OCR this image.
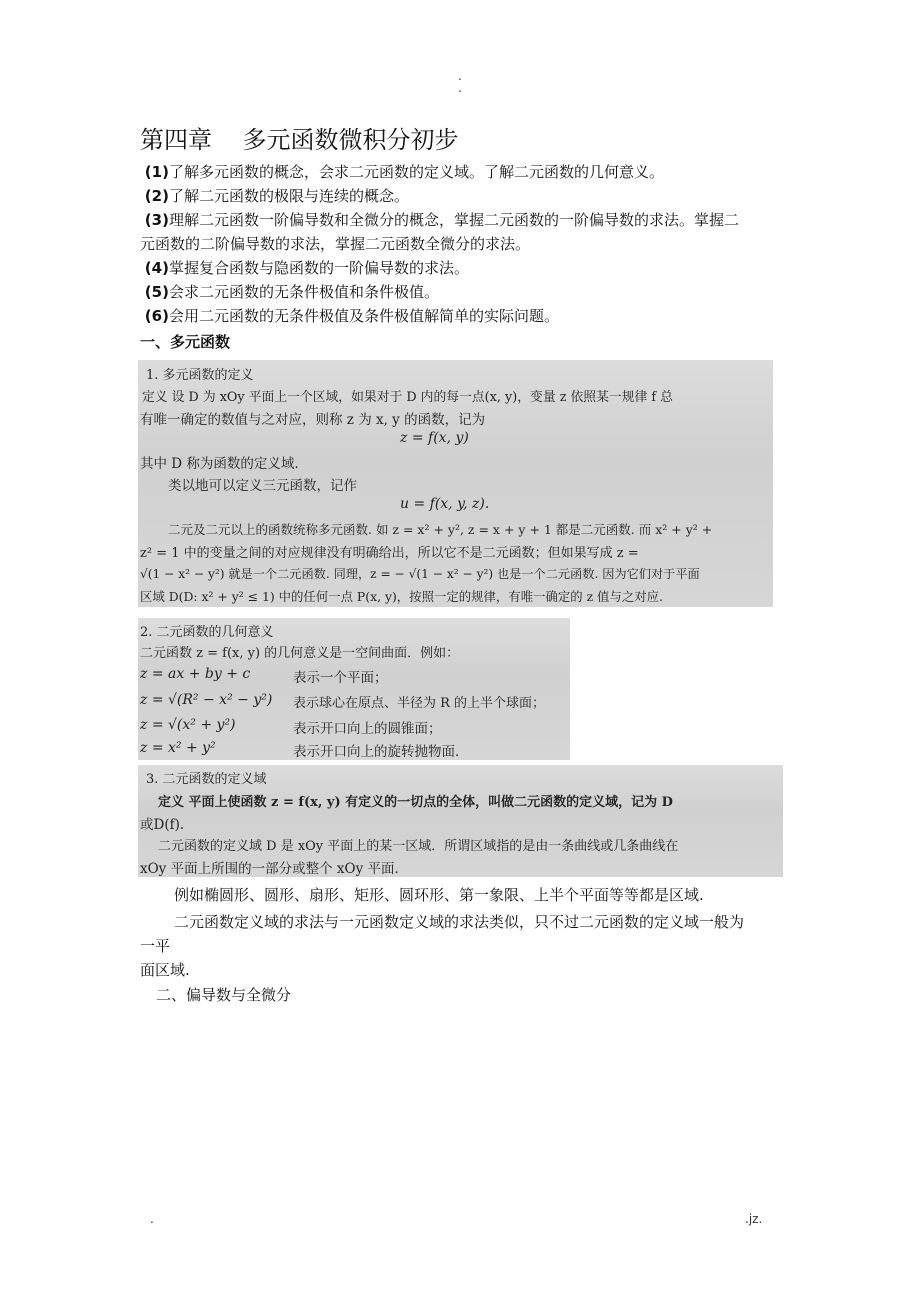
.
.
第四章    多元函数微积分初步
(1)了解多元函数的概念，会求二元函数的定义域。了解二元函数的几何意义。
(2)了解二元函数的极限与连续的概念。
(3)理解二元函数一阶偏导数和全微分的概念，掌握二元函数的一阶偏导数的求法。掌握二
元函数的二阶偏导数的求法，掌握二元函数全微分的求法。
(4)掌握复合函数与隐函数的一阶偏导数的求法。
(5)会求二元函数的无条件极值和条件极值。
(6)会用二元函数的无条件极值及条件极值解简单的实际问题。
一、多元函数
1. 多元函数的定义
定义 设 D 为 xOy 平面上一个区域，如果对于 D 内的每一点(x, y)，变量 z 依照某一规律 f 总
有唯一确定的数值与之对应，则称 z 为 x, y 的函数，记为
z = f(x, y)
其中 D 称为函数的定义域.
类以地可以定义三元函数，记作
u = f(x, y, z).
二元及二元以上的函数统称多元函数. 如 z = x² + y², z = x + y + 1 都是二元函数. 而 x² + y² +
z² = 1 中的变量之间的对应规律没有明确给出，所以它不是二元函数；但如果写成 z =
√(1 − x² − y²) 就是一个二元函数. 同理，z = − √(1 − x² − y²) 也是一个二元函数. 因为它们对于平面
区域 D(D: x² + y² ≤ 1) 中的任何一点 P(x, y)，按照一定的规律，有唯一确定的 z 值与之对应.
2. 二元函数的几何意义
二元函数 z = f(x, y) 的几何意义是一空间曲面．例如：
z = ax + by + c	表示一个平面；
z = √(R² − x² − y²) 表示球心在原点、半径为 R 的上半个球面；
z = √(x² + y²)	表示开口向上的圆锥面；
z = x² + y²	表示开口向上的旋转抛物面．
3. 二元函数的定义域
定义 平面上使函数 z = f(x, y) 有定义的一切点的全体，叫做二元函数的定义域，记为 D
或D(f).
二元函数的定义域 D 是 xOy 平面上的某一区域．所谓区域指的是由一条曲线或几条曲线在
xOy 平面上所围的一部分或整个 xOy 平面．
例如椭圆形、圆形、扇形、矩形、圆环形、第一象限、上半个平面等等都是区域.
二元函数定义域的求法与一元函数定义域的求法类似，只不过二元函数的定义域一般为
一平
面区域.
二、偏导数与全微分
.	.jz.
